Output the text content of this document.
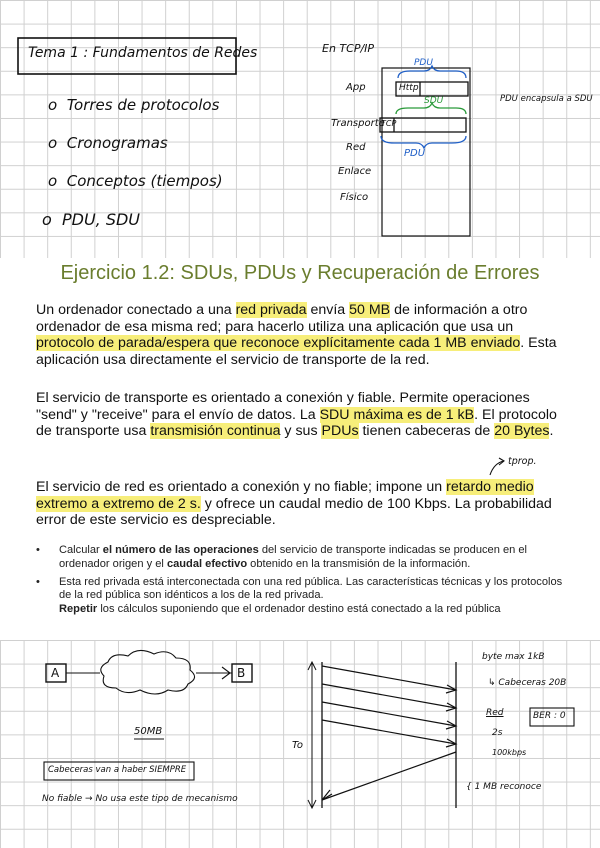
Tema 1 : Fundamentos de Redes
o  Torres de protocolos
o  Cronogramas
o  Conceptos (tiempos)
o  PDU, SDU
En TCP/IP
App
Transporte
Red
Enlace
Físico
Http
TCP
PDU
SDU
PDU
PDU encapsula a SDU
Ejercicio 1.2: SDUs, PDUs y Recuperación de Errores
Un ordenador conectado a una red privada envía 50 MB de información a otro ordenador de esa misma red; para hacerlo utiliza una aplicación que usa un protocolo de parada/espera que reconoce explícitamente cada 1 MB enviado. Esta aplicación usa directamente el servicio de transporte de la red.
El servicio de transporte es orientado a conexión y fiable. Permite operaciones "send" y "receive" para el envío de datos. La SDU máxima es de 1 kB. El protocolo de transporte usa transmisión continua y sus PDUs tienen cabeceras de 20 Bytes.
tprop.
El servicio de red es orientado a conexión y no fiable; impone un retardo medio extremo a extremo de 2 s. y ofrece un caudal medio de 100 Kbps. La probabilidad error de este servicio es despreciable.
• Calcular el número de las operaciones del servicio de transporte indicadas se producen en el ordenador origen y el caudal efectivo obtenido en la transmisión de la información.
• Esta red privada está interconectada con una red pública. Las características técnicas y los protocolos de la red pública son idénticos a los de la red privada.
Repetir los cálculos suponiendo que el ordenador destino está conectado a la red pública
A	B
50MB
Cabeceras van a haber SIEMPRE
No fiable → No usa este tipo de mecanismo
To
byte max 1kB
↳ Cabeceras 20B
Red
2s
100kbps
BER : 0
{ 1 MB reconoce
